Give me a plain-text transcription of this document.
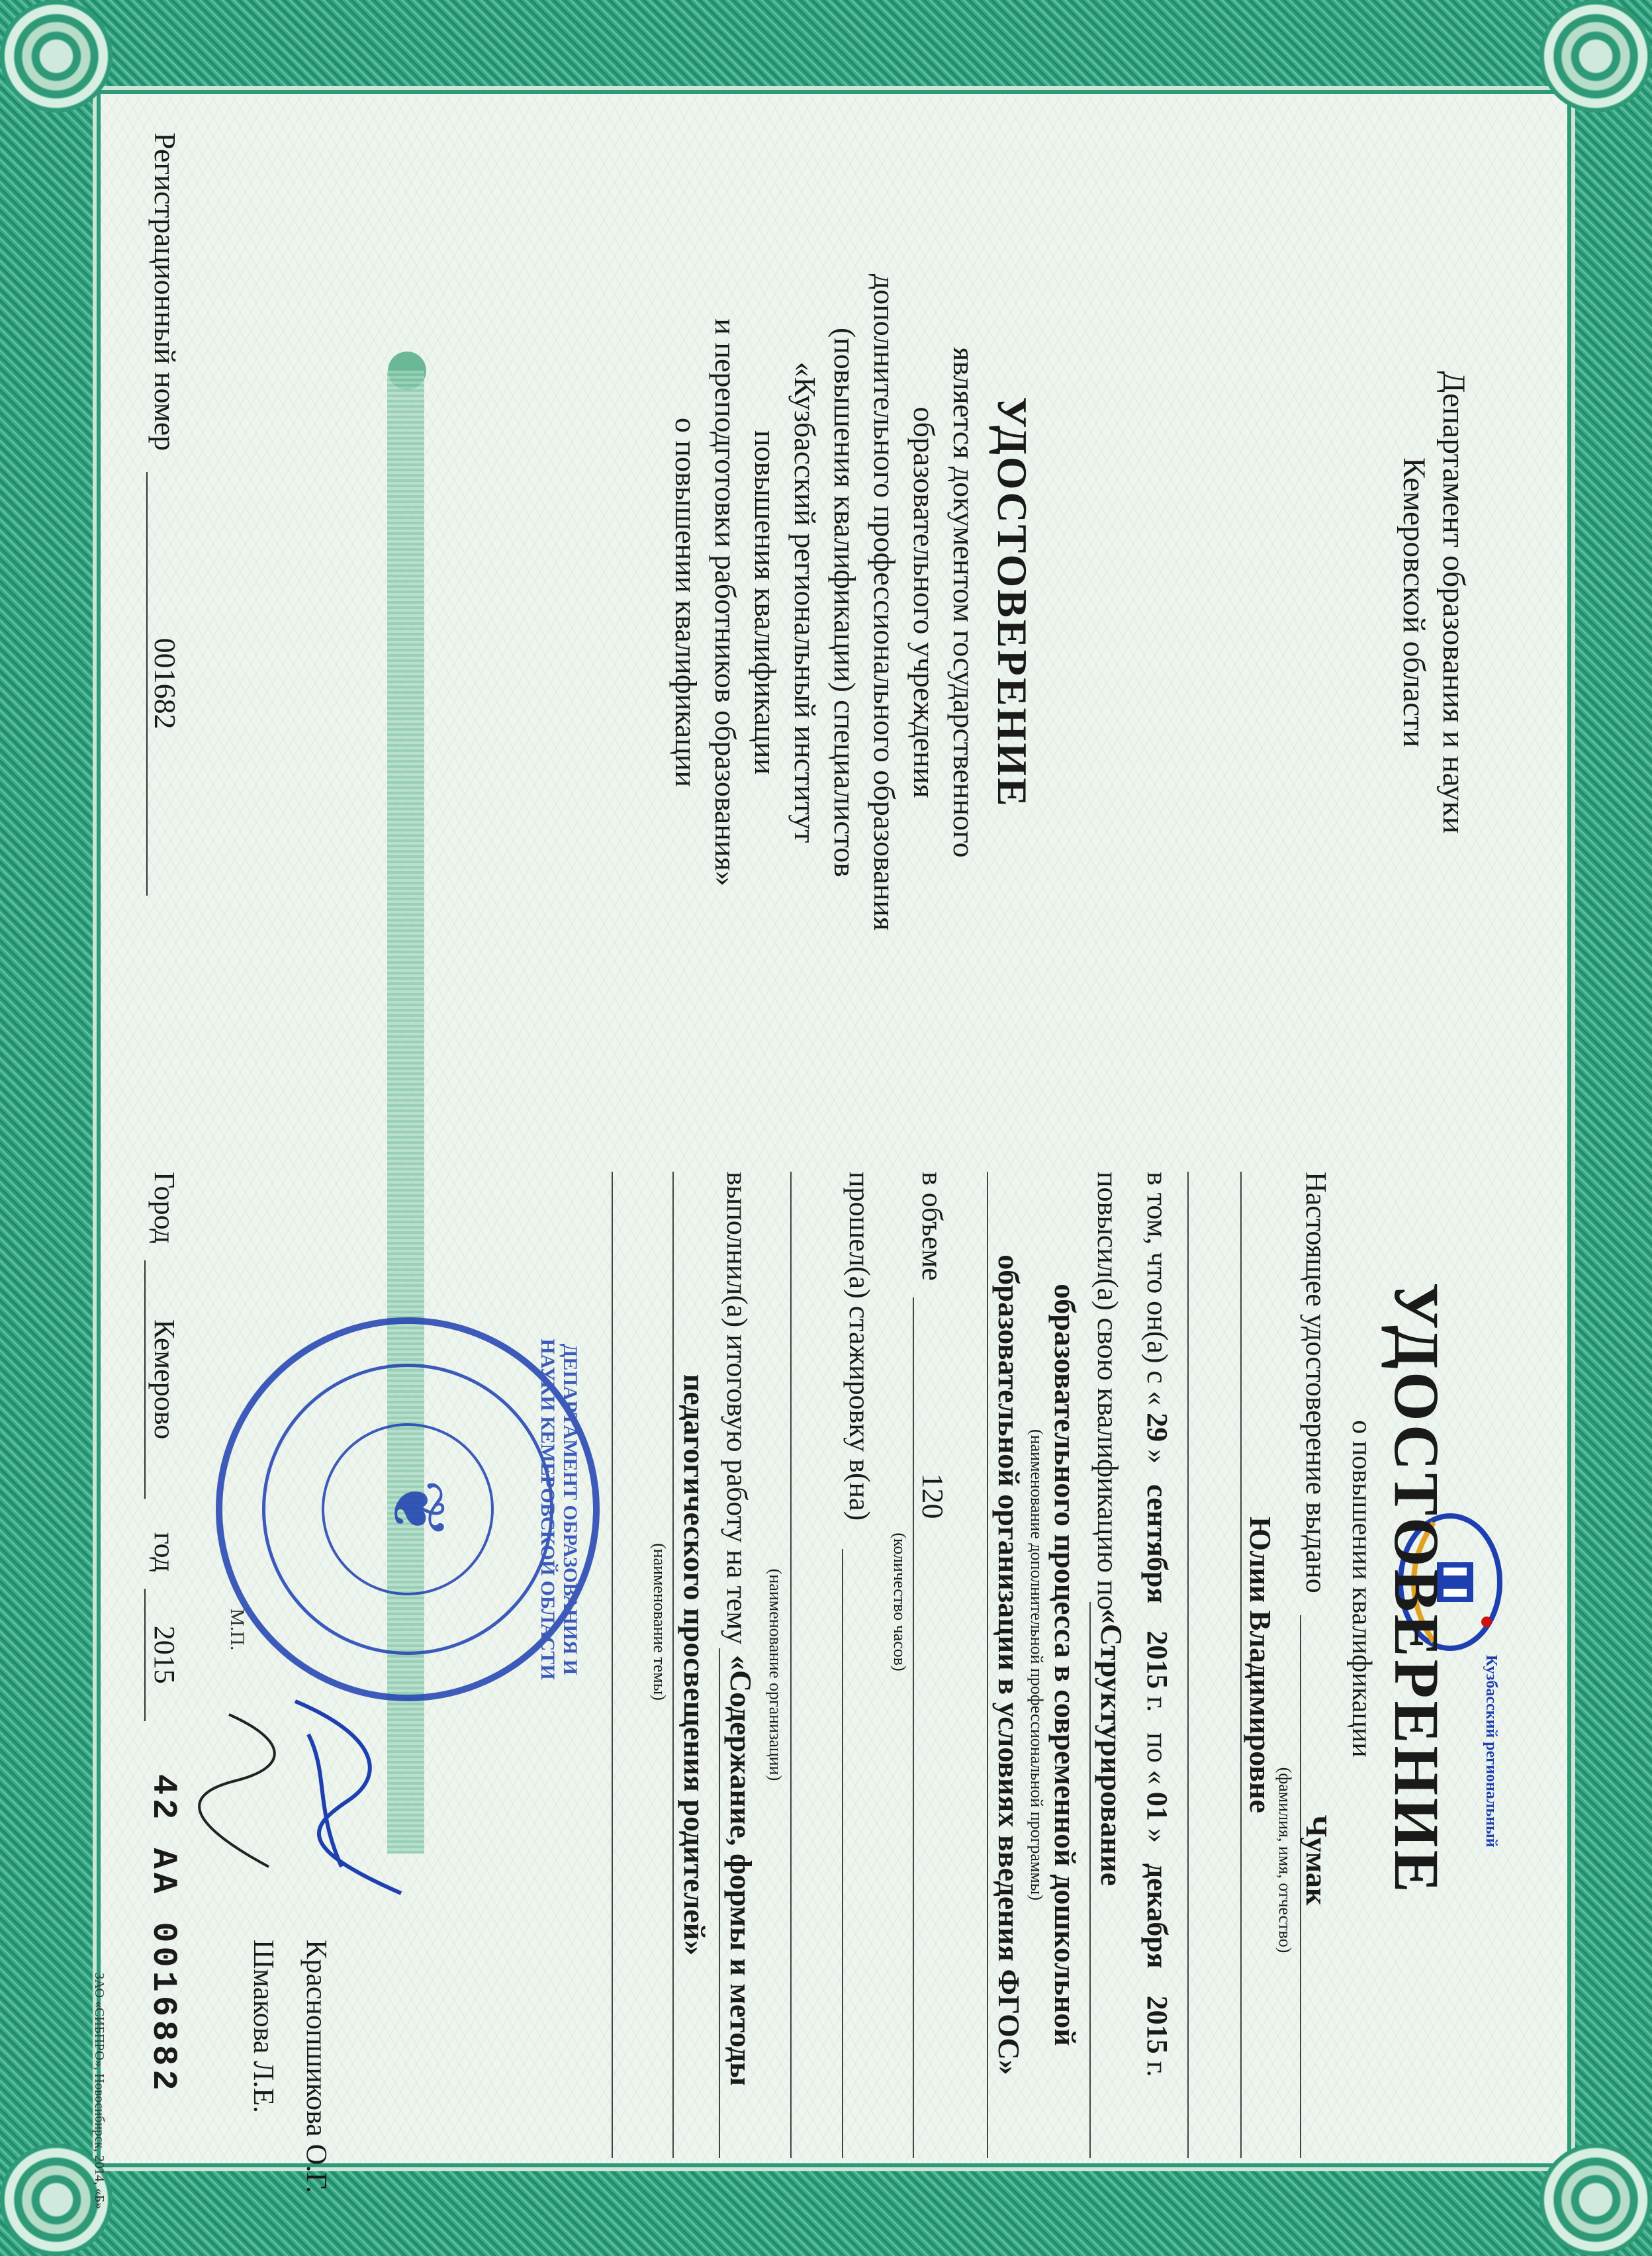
Департамент образования и науки
Кемеровской области
УДОСТОВЕРЕНИЕ
является документом государственного
образовательного учреждения
дополнительного профессионального образования
(повышения квалификации) специалистов
«Кузбасский региональный институт
повышения квалификации
и переподготовки работников образования»
о повышении квалификации
Регистрационный номер 001682
Кузбасский региональный
УДОСТОВЕРЕНИЕ
о повышении квалификации
Настоящее удостоверение выдано
Чумак
(фамилия, имя, отчество)
Юлии Владимировне
в том, что он(а) с « 29 » сентября 2015 г. по « 01 » декабря 2015 г.
повысил(а) свою квалификацию по
«Структурирование
образовательного процесса в современной дошкольной
(наименование дополнительной профессиональной программы)
образовательной организации в условиях введения ФГОС»
в объеме
120
(количество часов)
прошел(а) стажировку в(на)
(наименование организации)
выполнил(а) итоговую работу на тему
«Содержание, формы и методы
педагогического просвещения родителей»
(наименование темы)
Краснопшикова О.Г.
Шмакова Л.Е.
М.П.	ДЕПАРТАМЕНТ ОБРАЗОВАНИЯ И НАУКИ КЕМЕРОВСКОЙ ОБЛАСТИ
❦
Город Кемерово год 2015
42 АА 0016882
ЗАО «СИБПРО», Новосибирск, 2014, «Б»
